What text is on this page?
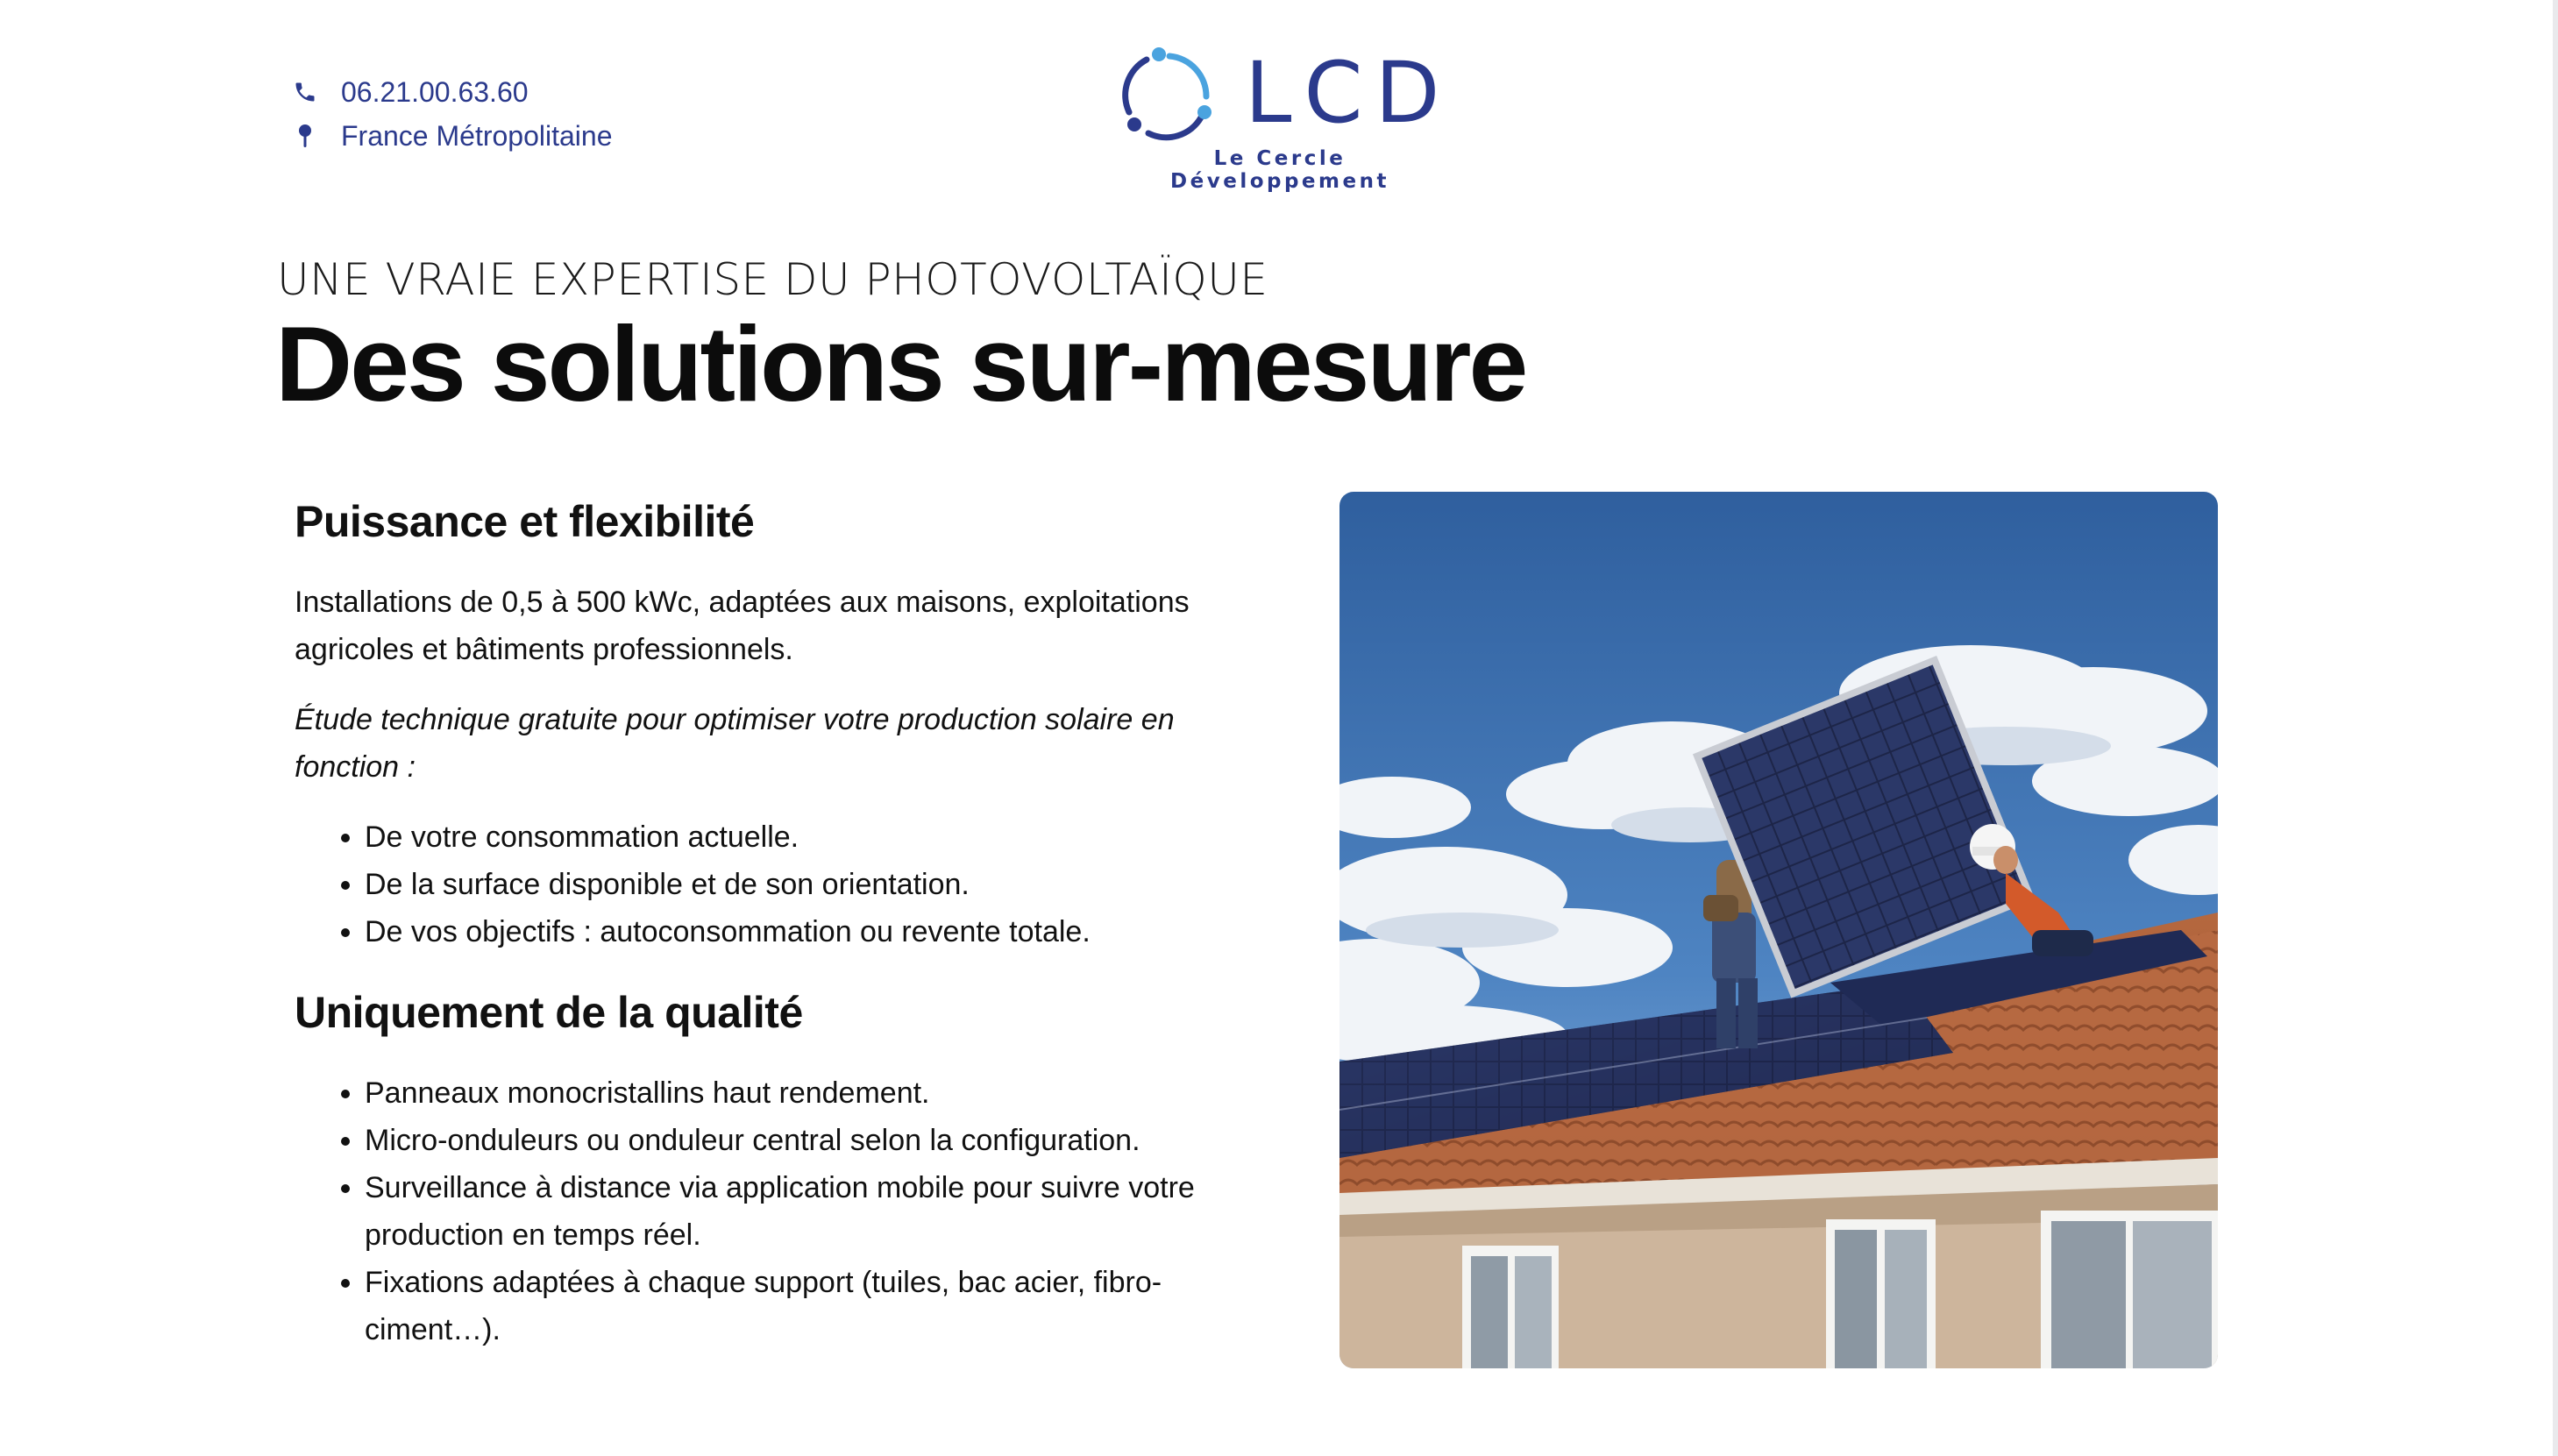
06.21.00.63.60
France Métropolitaine	LCD
Le Cercle Développement
UNE VRAIE EXPERTISE DU PHOTOVOLTAÏQUE
Des solutions sur-mesure
Puissance et flexibilité

Installations de 0,5 à 500 kWc, adaptées aux maisons, exploitations agricoles et bâtiments professionnels.

Étude technique gratuite pour optimiser votre production solaire en fonction :

• De votre consommation actuelle.
• De la surface disponible et de son orientation.
• De vos objectifs : autoconsommation ou revente totale.
Uniquement de la qualité
• Panneaux monocristallins haut rendement.
• Micro-onduleurs ou onduleur central selon la configuration.
• Surveillance à distance via application mobile pour suivre votre production en temps réel.
• Fixations adaptées à chaque support (tuiles, bac acier, fibro-ciment…).
